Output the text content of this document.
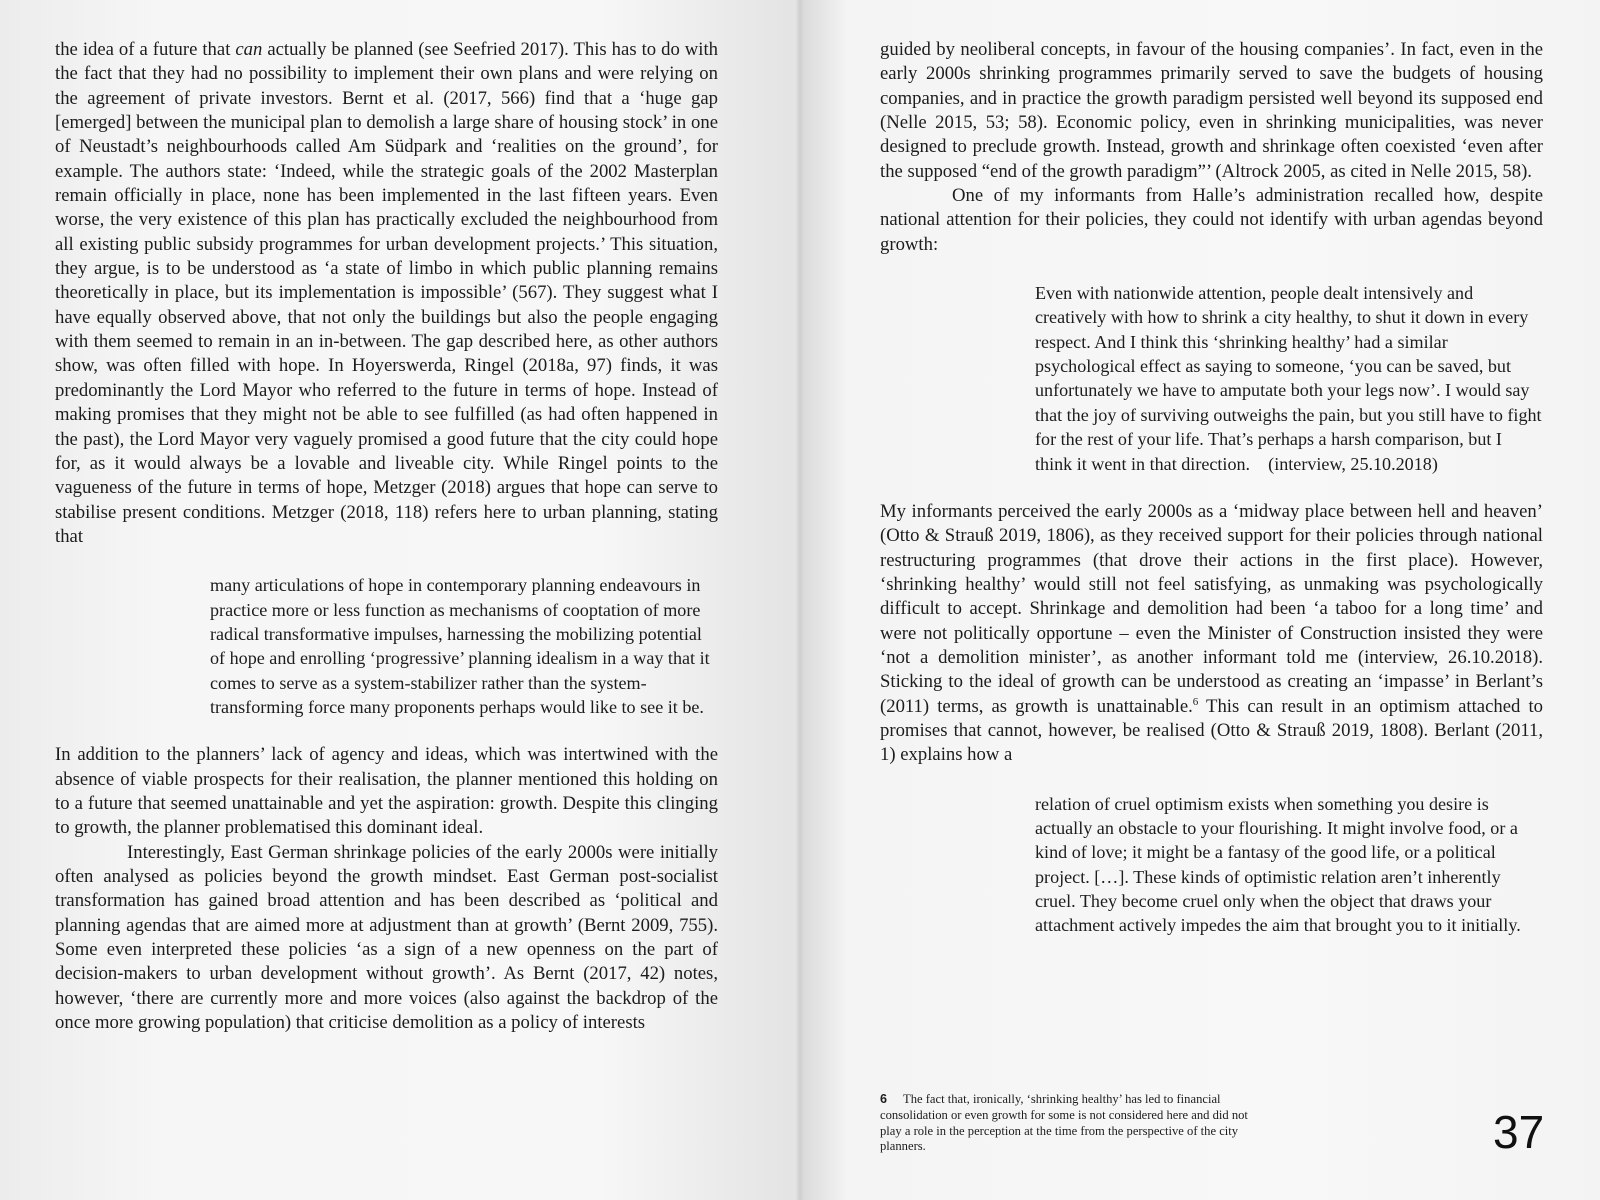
the idea of a future that can actually be planned (see Seefried 2017). This has to do with the fact that they had no possibility to implement their own plans and were relying on the agreement of private investors. Bernt et al. (2017, 566) find that a ‘huge gap [emerged] between the municipal plan to demolish a large share of housing stock’ in one of Neustadt’s neighbourhoods called Am Südpark and ‘realities on the ground’, for example. The authors state: ‘Indeed, while the strategic goals of the 2002 Masterplan remain officially in place, none has been implemented in the last fifteen years. Even worse, the very existence of this plan has practically excluded the neighbourhood from all existing public subsidy programmes for urban development projects.’ This situation, they argue, is to be understood as ‘a state of limbo in which public planning remains theoretically in place, but its implementation is impossible’ (567). They suggest what I have equally observed above, that not only the buildings but also the people engaging with them seemed to remain in an in-between. The gap described here, as other authors show, was often filled with hope. In Hoyerswerda, Ringel (2018a, 97) finds, it was predominantly the Lord Mayor who referred to the future in terms of hope. Instead of making promises that they might not be able to see fulfilled (as had often happened in the past), the Lord Mayor very vaguely promised a good future that the city could hope for, as it would always be a lovable and liveable city. While Ringel points to the vagueness of the future in terms of hope, Metzger (2018) argues that hope can serve to stabilise present conditions. Metzger (2018, 118) refers here to urban planning, stating that

many articulations of hope in contemporary planning endeavours in practice more or less function as mechanisms of cooptation of more radical transformative impulses, harnessing the mobilizing potential of hope and enrolling ‘progressive’ planning idealism in a way that it comes to serve as a system-stabilizer rather than the system-transforming force many proponents perhaps would like to see it be.

In addition to the planners’ lack of agency and ideas, which was intertwined with the absence of viable prospects for their realisation, the planner mentioned this holding on to a future that seemed unattainable and yet the aspiration: growth. Despite this clinging to growth, the planner problematised this dominant ideal.

Interestingly, East German shrinkage policies of the early 2000s were initially often analysed as policies beyond the growth mindset. East German post-socialist transformation has gained broad attention and has been described as ‘political and planning agendas that are aimed more at adjustment than at growth’ (Bernt 2009, 755). Some even interpreted these policies ‘as a sign of a new openness on the part of decision-makers to urban development without growth’. As Bernt (2017, 42) notes, however, ‘there are currently more and more voices (also against the backdrop of the once more growing population) that criticise demolition as a policy of interests

guided by neoliberal concepts, in favour of the housing companies’. In fact, even in the early 2000s shrinking programmes primarily served to save the budgets of housing companies, and in practice the growth paradigm persisted well beyond its supposed end (Nelle 2015, 53; 58). Economic policy, even in shrinking municipalities, was never designed to preclude growth. Instead, growth and shrinkage often coexisted ‘even after the supposed “end of the growth paradigm”’ (Altrock 2005, as cited in Nelle 2015, 58).

One of my informants from Halle’s administration recalled how, despite national attention for their policies, they could not identify with urban agendas beyond growth:

Even with nationwide attention, people dealt intensively and creatively with how to shrink a city healthy, to shut it down in every respect. And I think this ‘shrinking healthy’ had a similar psychological effect as saying to someone, ‘you can be saved, but unfortunately we have to amputate both your legs now’. I would say that the joy of surviving outweighs the pain, but you still have to fight for the rest of your life. That’s perhaps a harsh comparison, but I think it went in that direction. (interview, 25.10.2018)

My informants perceived the early 2000s as a ‘midway place between hell and heaven’ (Otto & Strauß 2019, 1806), as they received support for their policies through national restructuring programmes (that drove their actions in the first place). However, ‘shrinking healthy’ would still not feel satisfying, as unmaking was psychologically difficult to accept. Shrinkage and demolition had been ‘a taboo for a long time’ and were not politically opportune – even the Minister of Construction insisted they were ‘not a demolition minister’, as another informant told me (interview, 26.10.2018). Sticking to the ideal of growth can be understood as creating an ‘impasse’ in Berlant’s (2011) terms, as growth is unattainable.$^6$ This can result in an optimism attached to promises that cannot, however, be realised (Otto & Strauß 2019, 1808). Berlant (2011, 1) explains how a

relation of cruel optimism exists when something you desire is actually an obstacle to your flourishing. It might involve food, or a kind of love; it might be a fantasy of the good life, or a political project. […]. These kinds of optimistic relation aren’t inherently cruel. They become cruel only when the object that draws your attachment actively impedes the aim that brought you to it initially.

6 The fact that, ironically, ‘shrinking healthy’ has led to financial consolidation or even growth for some is not considered here and did not play a role in the perception at the time from the perspective of the city planners.	37
